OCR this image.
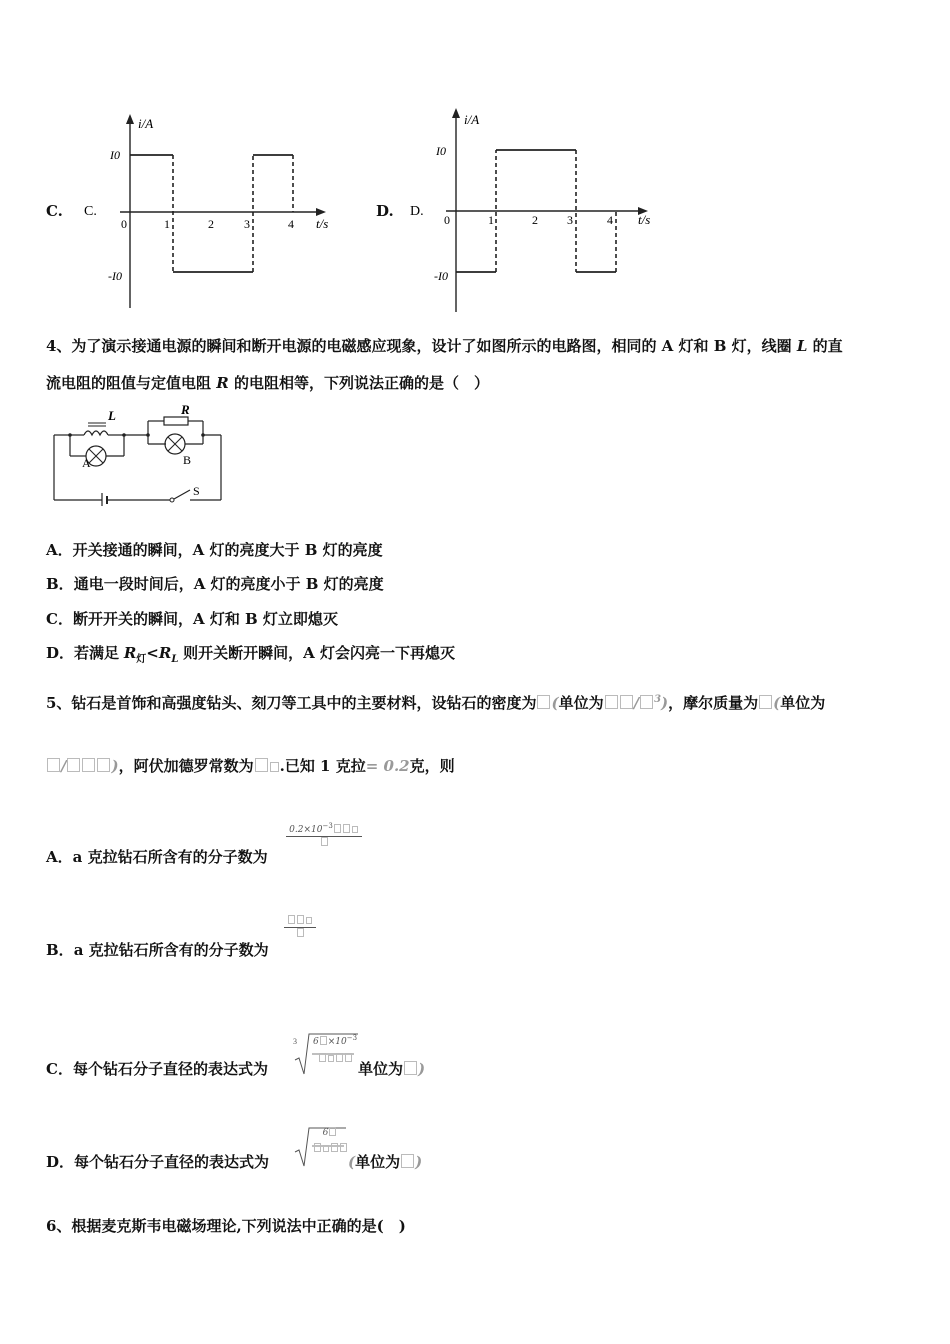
C. C.
i/A
t/s
I0
-I0
0	1	2	3	4
D. D.
i/A
t/s
I0
-I0
0	1	2 3	4
4、为了演示接通电源的瞬间和断开电源的电磁感应现象，设计了如图所示的电路图，相同的 A 灯和 B 灯，线圈 L 的直
流电阻的阻值与定值电阻 R 的电阻相等，下列说法正确的是（　）
L
A
R
B
S
A．开关接通的瞬间，A 灯的亮度大于 B 灯的亮度
B．通电一段时间后，A 灯的亮度小于 B 灯的亮度
C．断开开关的瞬间，A 灯和 B 灯立即熄灭
D．若满足 $R_灯<R_L$ 则开关断开瞬间，A 灯会闪亮一下再熄灭
5、钻石是首饰和高强度钻头、刻刀等工具中的主要材料，设钻石的密度为 (单位为 / $^3$)，摩尔质量为 (单位为
/	)，阿伏加德罗常数为 .已知 1 克拉= 0.2克，则
A．a 克拉钻石所含有的分子数为
$0.2\times 10^{-3}$
B．a 克拉钻石所含有的分子数为
C．每个钻石分子直径的表达式为
3	$6 \times 10^{-3}$
单位为 )
D．每个钻石分子直径的表达式为
6
(单位为 )
6、根据麦克斯韦电磁场理论,下列说法中正确的是(　)
